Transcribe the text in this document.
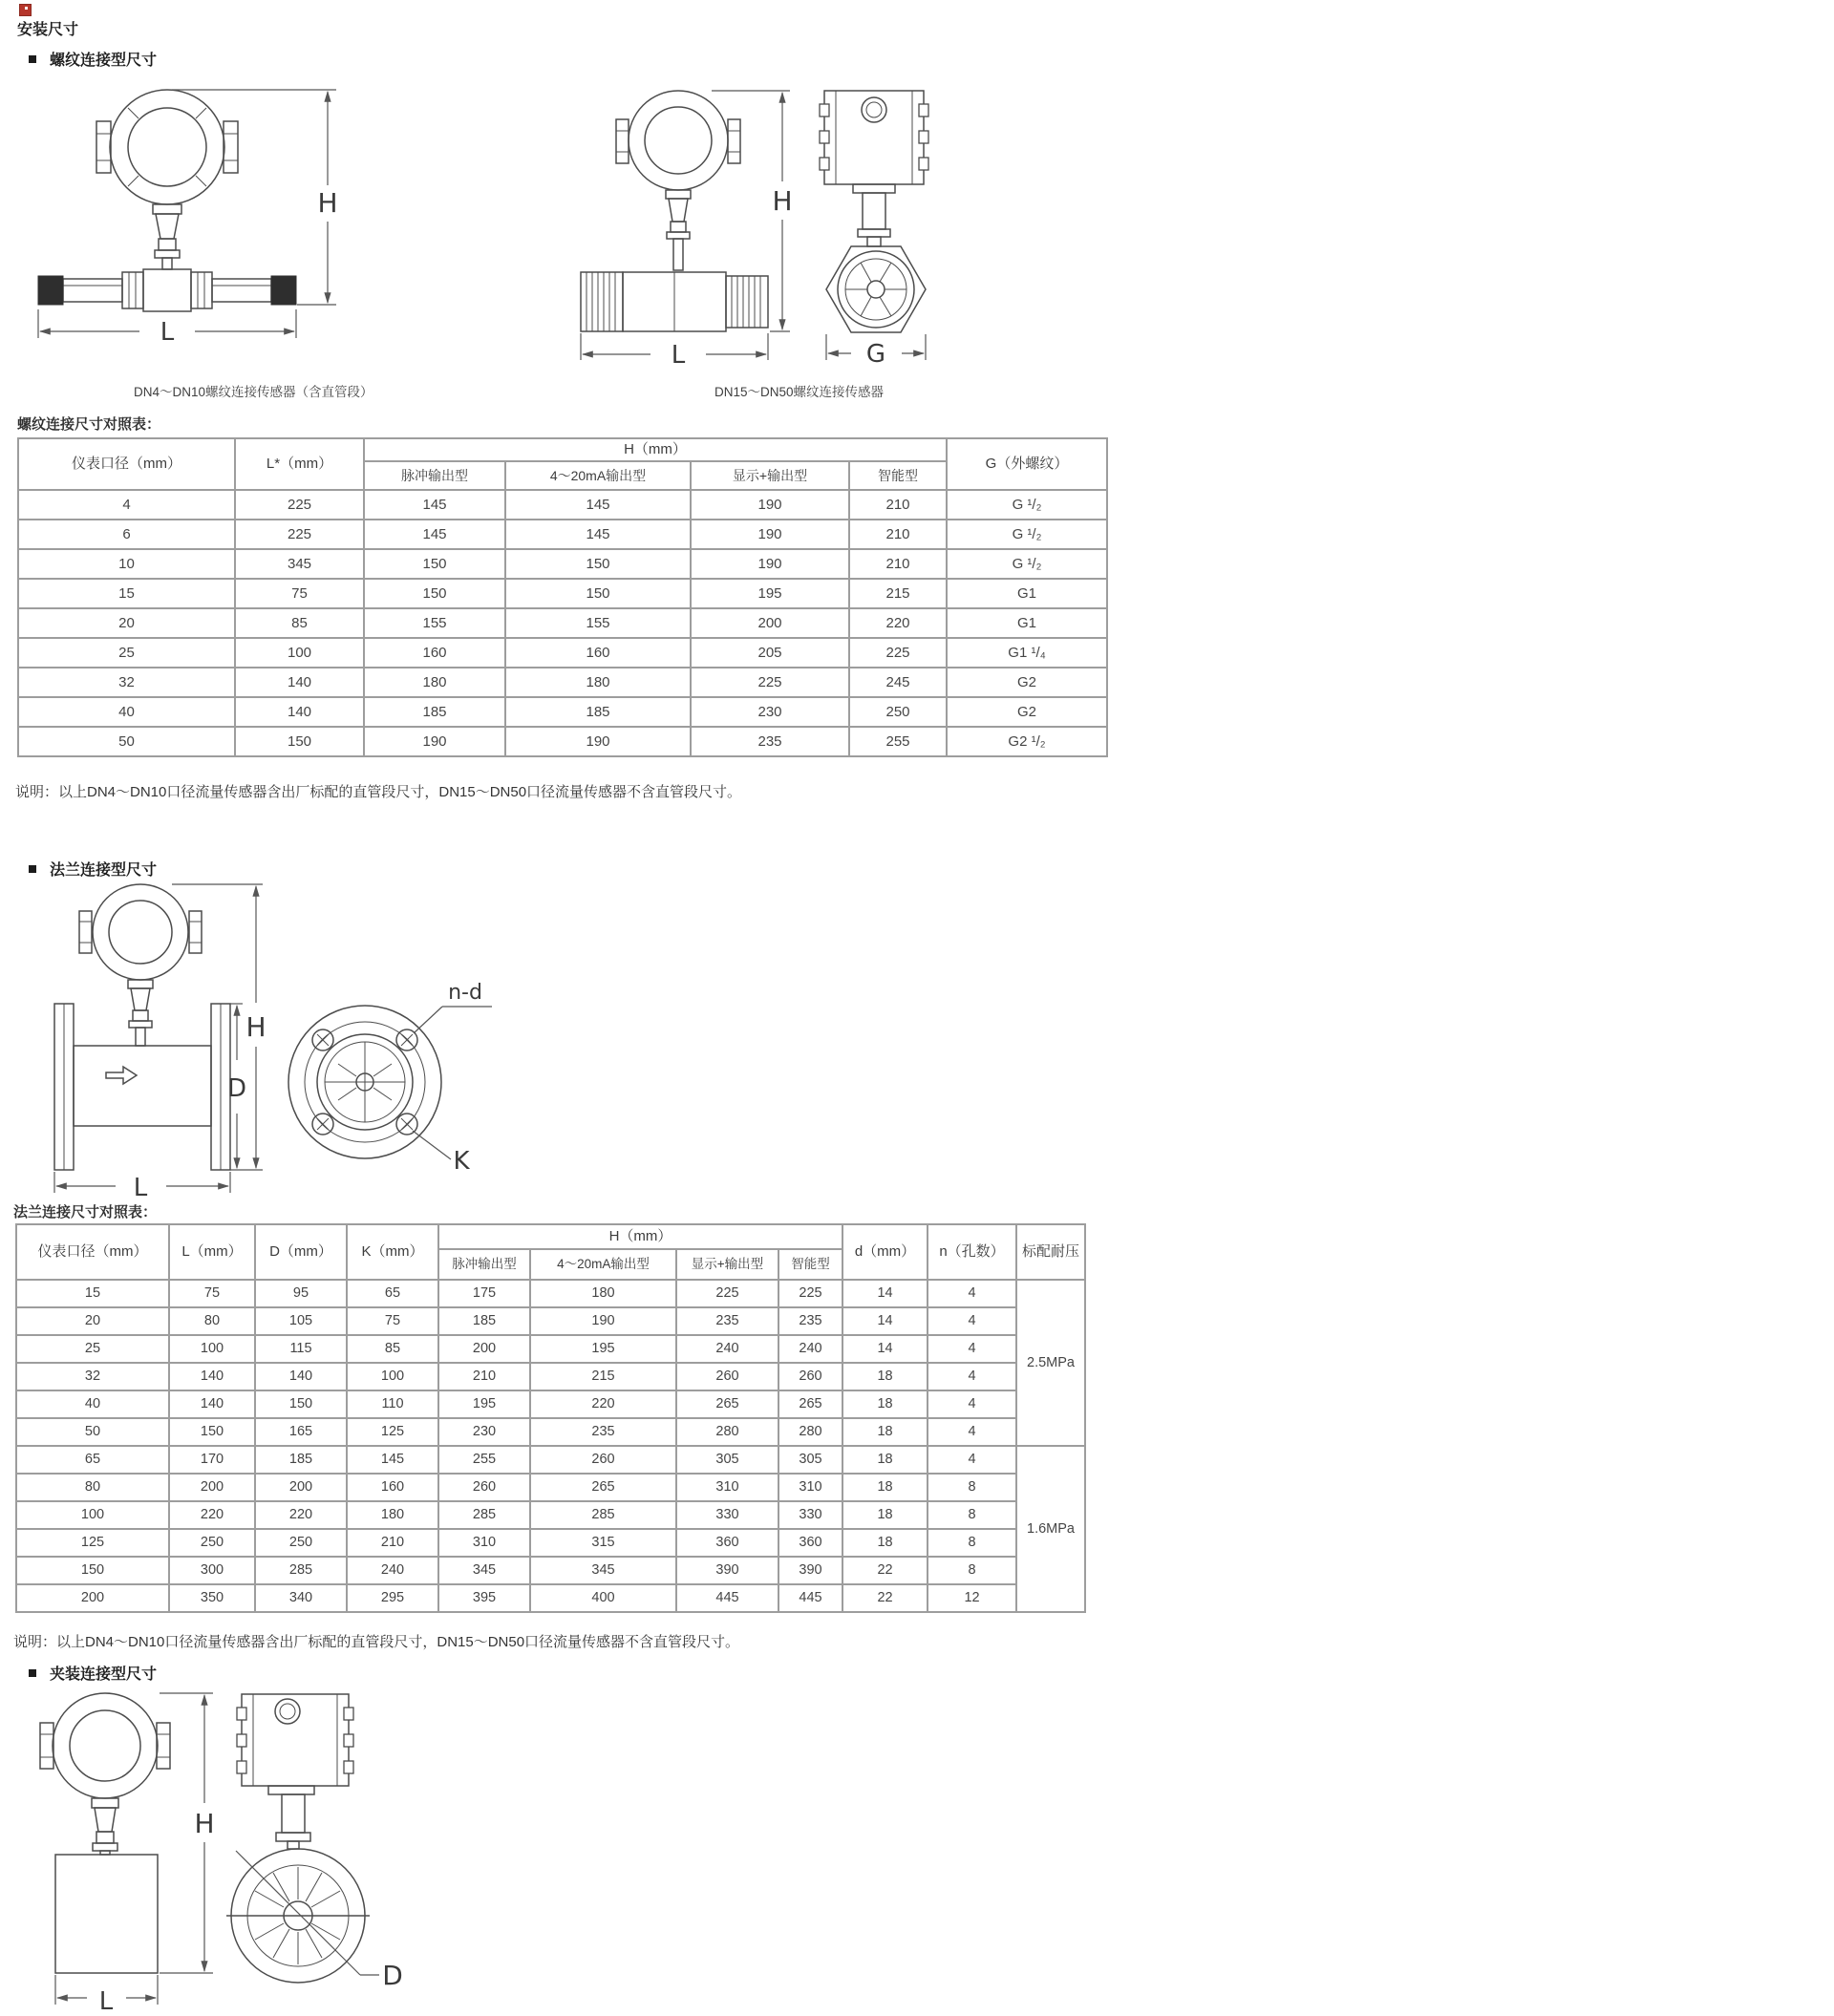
安装尺寸
螺纹连接型尺寸
H
L
H
L	G
DN4～DN10螺纹连接传感器（含直管段）	DN15～DN50螺纹连接传感器
螺纹连接尺寸对照表：
仪表口径（mm）	L*（mm）	H（mm）				G（外螺纹）
		脉冲输出型	4～20mA输出型	显示+输出型	智能型	
4	225	145	145	190	210	G ¹/₂
6	225	145	145	190	210	G ¹/₂
10	345	150	150	190	210	G ¹/₂
15	75	150	150	195	215	G1
20	85	155	155	200	220	G1
25	100	160	160	205	225	G1 ¹/₄
32	140	180	180	225	245	G2
40	140	185	185	230	250	G2
50	150	190	190	235	255	G2 ¹/₂
说明：以上DN4～DN10口径流量传感器含出厂标配的直管段尺寸，DN15～DN50口径流量传感器不含直管段尺寸。
法兰连接型尺寸
D
H
L
n-d
K
法兰连接尺寸对照表：
仪表口径（mm）	L（mm）	D（mm）	K（mm）	H（mm）				d（mm）	n（孔数）	标配耐压
				脉冲输出型	4～20mA输出型	显示+输出型	智能型			
15	75	95	65	175	180	225	225	14	4	2.5MPa
20	80	105	75	185	190	235	235	14	4	
25	100	115	85	200	195	240	240	14	4	
32	140	140	100	210	215	260	260	18	4	
40	140	150	110	195	220	265	265	18	4	
50	150	165	125	230	235	280	280	18	4	
65	170	185	145	255	260	305	305	18	4	1.6MPa
80	200	200	160	260	265	310	310	18	8	
100	220	220	180	285	285	330	330	18	8	
125	250	250	210	310	315	360	360	18	8	
150	300	285	240	345	345	390	390	22	8	
200	350	340	295	395	400	445	445	22	12	
说明：以上DN4～DN10口径流量传感器含出厂标配的直管段尺寸，DN15～DN50口径流量传感器不含直管段尺寸。
夹装连接型尺寸
H
L
D
